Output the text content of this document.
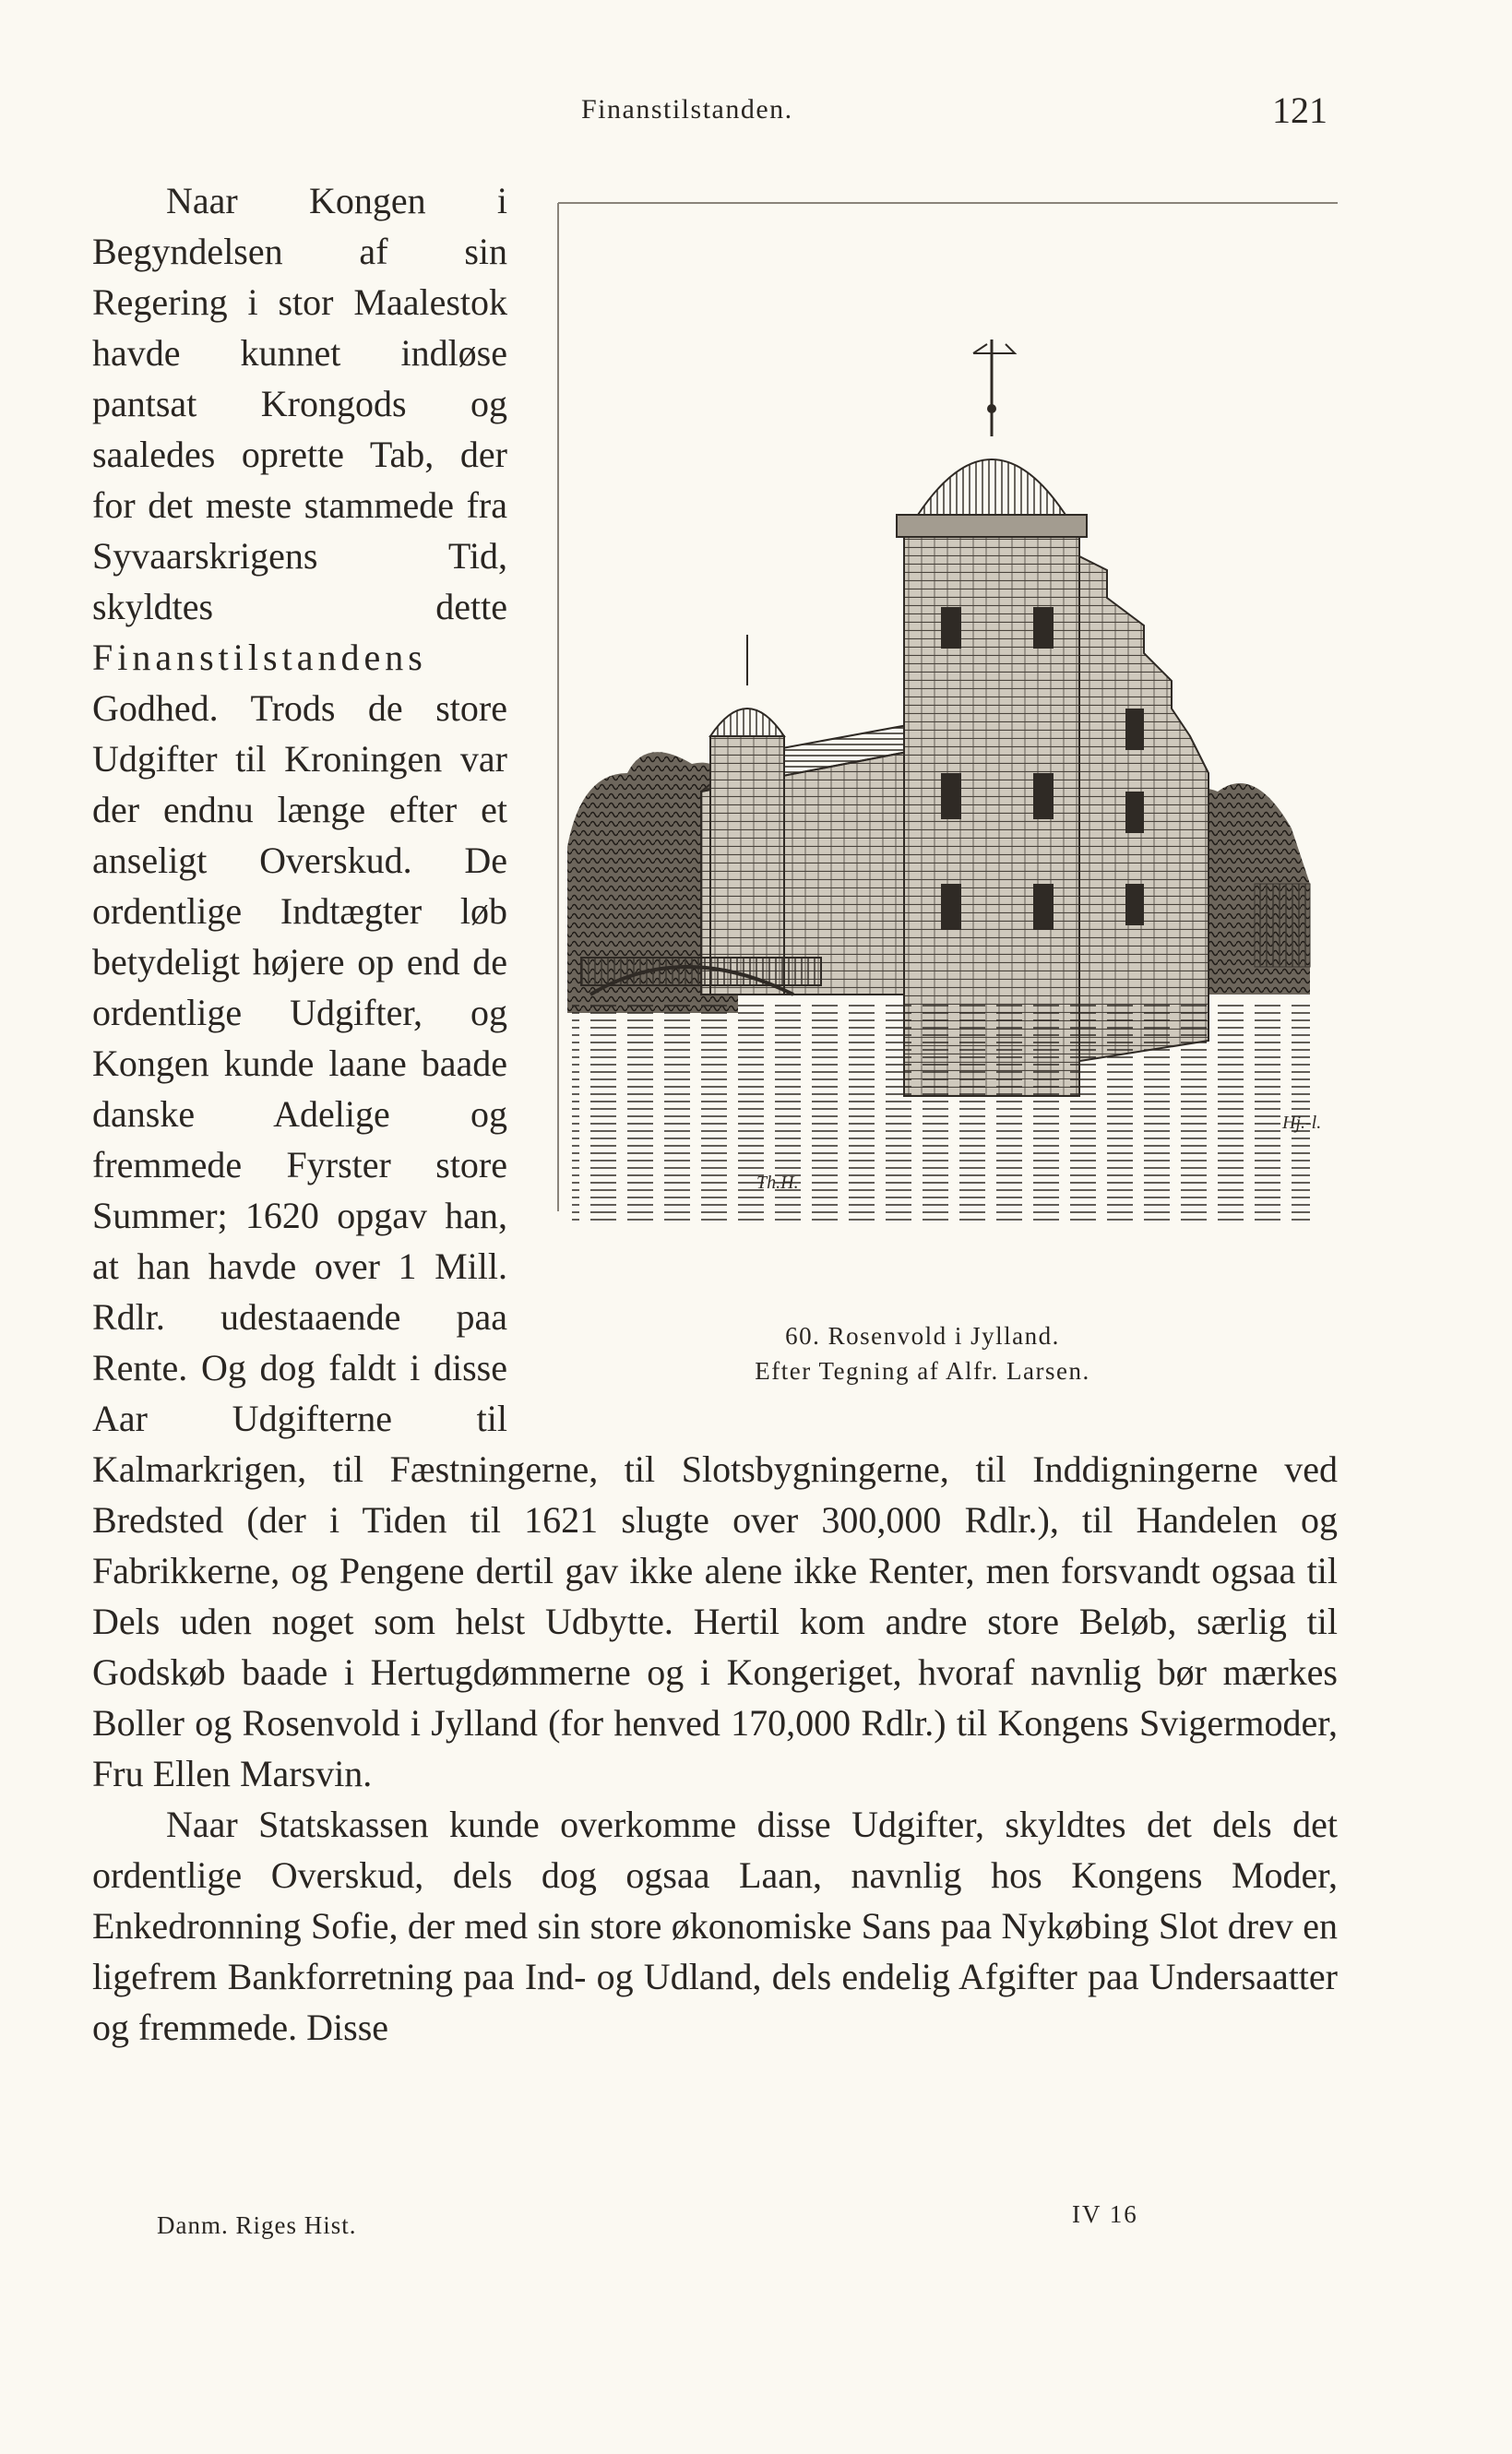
Finanstilstanden.	121
Th.H.
Hj.-l.
60. Rosenvold i Jylland.
Efter Tegning af Alfr. Larsen.

Naar Kongen i Begyndelsen af sin Regering i stor Maalestok havde kunnet indløse pantsat Krongods og saaledes oprette Tab, der for det meste stammede fra Syvaarskrigens Tid, skyldtes dette Finanstilstandens Godhed. Trods de store Udgifter til Kroningen var der endnu længe efter et anseligt Overskud. De ordentlige Indtægter løb betydeligt højere op end de ordentlige Udgifter, og Kongen kunde laane baade danske Adelige og fremmede Fyrster store Summer; 1620 opgav han, at han havde over 1 Mill. Rdlr. udestaaende paa Rente. Og dog faldt i disse Aar Udgifterne til Kalmarkrigen, til Fæstningerne, til Slotsbygningerne, til Inddigningerne ved Bredsted (der i Tiden til 1621 slugte over 300,000 Rdlr.), til Handelen og Fabrikkerne, og Pengene dertil gav ikke alene ikke Renter, men forsvandt ogsaa til Dels uden noget som helst Udbytte. Hertil kom andre store Beløb, særlig til Godskøb baade i Hertugdømmerne og i Kongeriget, hvoraf navnlig bør mærkes Boller og Rosenvold i Jylland (for henved 170,000 Rdlr.) til Kongens Svigermoder, Fru Ellen Marsvin.

Naar Statskassen kunde overkomme disse Udgifter, skyldtes det dels det ordentlige Overskud, dels dog ogsaa Laan, navnlig hos Kongens Moder, Enkedronning Sofie, der med sin store økonomiske Sans paa Nykøbing Slot drev en ligefrem Bankforretning paa Ind- og Udland, dels endelig Afgifter paa Undersaatter og fremmede. Disse

Danm. Riges Hist.	IV 16
